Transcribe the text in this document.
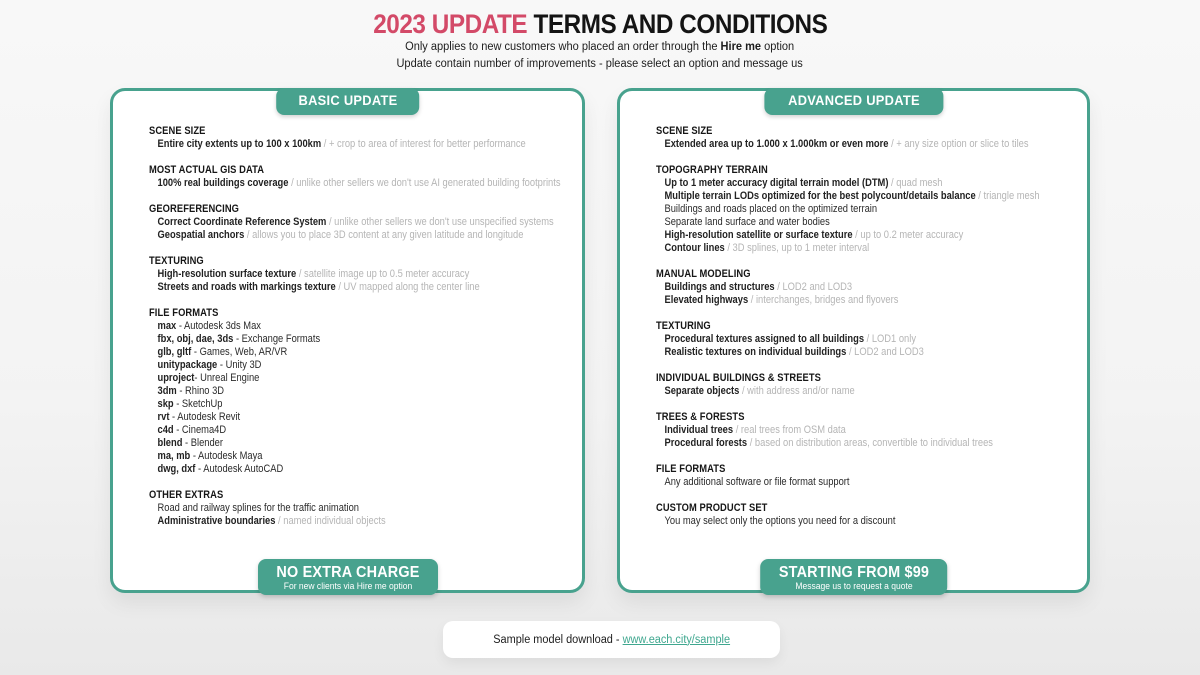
2023 UPDATE TERMS AND CONDITIONS
Only applies to new customers who placed an order through the Hire me option
Update contain number of improvements - please select an option and message us
BASIC UPDATE
SCENE SIZE
Entire city extents up to 100 x 100km / + crop to area of interest for better performance
MOST ACTUAL GIS DATA
100% real buildings coverage / unlike other sellers we don't use AI generated building footprints
GEOREFERENCING
Correct Coordinate Reference System / unlike other sellers we don't use unspecified systems
Geospatial anchors / allows you to place 3D content at any given latitude and longitude
TEXTURING
High-resolution surface texture / satellite image up to 0.5 meter accuracy
Streets and roads with markings texture / UV mapped along the center line
FILE FORMATS
max - Autodesk 3ds Max
fbx, obj, dae, 3ds - Exchange Formats
glb, gltf - Games, Web, AR/VR
unitypackage - Unity 3D
uproject- Unreal Engine
3dm - Rhino 3D
skp - SketchUp
rvt - Autodesk Revit
c4d - Cinema4D
blend - Blender
ma, mb - Autodesk Maya
dwg, dxf - Autodesk AutoCAD
OTHER EXTRAS
Road and railway splines for the traffic animation
Administrative boundaries / named individual objects
NO EXTRA CHARGE
For new clients via Hire me option
ADVANCED UPDATE
SCENE SIZE
Extended area up to 1.000 x 1.000km or even more / + any size option or slice to tiles
TOPOGRAPHY TERRAIN
Up to 1 meter accuracy digital terrain model (DTM) / quad mesh
Multiple terrain LODs optimized for the best polycount/details balance / triangle mesh
Buildings and roads placed on the optimized terrain
Separate land surface and water bodies
High-resolution satellite or surface texture / up to 0.2 meter accuracy
Contour lines / 3D splines, up to 1 meter interval
MANUAL MODELING
Buildings and structures / LOD2 and LOD3
Elevated highways / interchanges, bridges and flyovers
TEXTURING
Procedural textures assigned to all buildings / LOD1 only
Realistic textures on individual buildings / LOD2 and LOD3
INDIVIDUAL BUILDINGS & STREETS
Separate objects / with address and/or name
TREES & FORESTS
Individual trees / real trees from OSM data
Procedural forests / based on distribution areas, convertible to individual trees
FILE FORMATS
Any additional software or file format support
CUSTOM PRODUCT SET
You may select only the options you need for a discount
STARTING FROM $99
Message us to request a quote
Sample model download - www.each.city/sample
